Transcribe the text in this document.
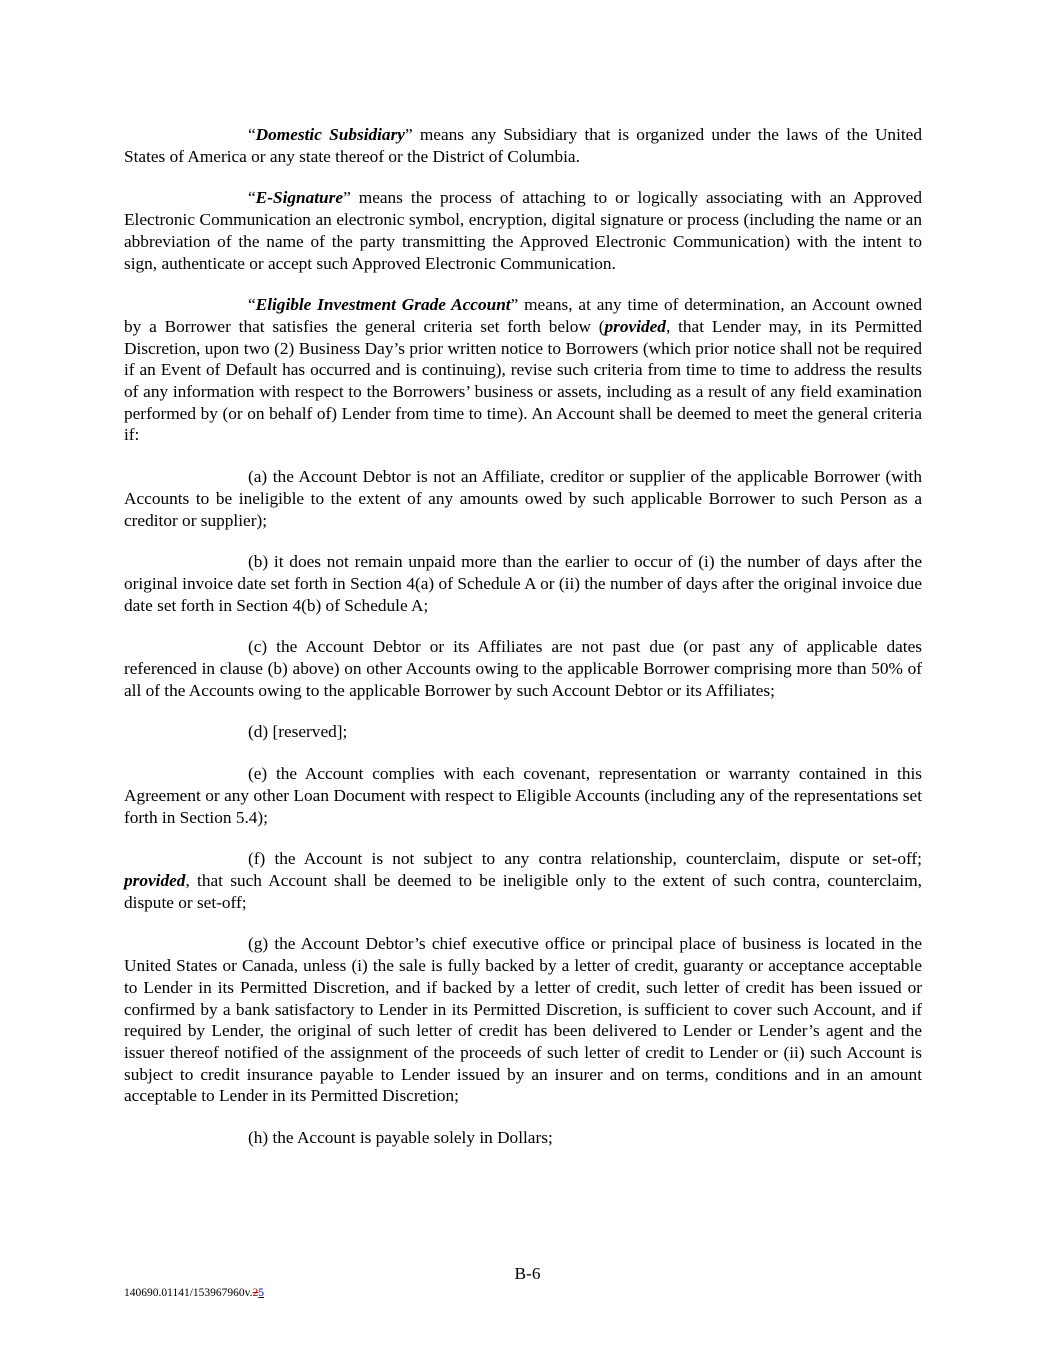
“Domestic Subsidiary” means any Subsidiary that is organized under the laws of the United States of America or any state thereof or the District of Columbia.

“E-Signature” means the process of attaching to or logically associating with an Approved Electronic Communication an electronic symbol, encryption, digital signature or process (including the name or an abbreviation of the name of the party transmitting the Approved Electronic Communication) with the intent to sign, authenticate or accept such Approved Electronic Communication.

“Eligible Investment Grade Account” means, at any time of determination, an Account owned by a Borrower that satisfies the general criteria set forth below (provided, that Lender may, in its Permitted Discretion, upon two (2) Business Day’s prior written notice to Borrowers (which prior notice shall not be required if an Event of Default has occurred and is continuing), revise such criteria from time to time to address the results of any information with respect to the Borrowers’ business or assets, including as a result of any field examination performed by (or on behalf of) Lender from time to time). An Account shall be deemed to meet the general criteria if:

(a) the Account Debtor is not an Affiliate, creditor or supplier of the applicable Borrower (with Accounts to be ineligible to the extent of any amounts owed by such applicable Borrower to such Person as a creditor or supplier);

(b) it does not remain unpaid more than the earlier to occur of (i) the number of days after the original invoice date set forth in Section 4(a) of Schedule A or (ii) the number of days after the original invoice due date set forth in Section 4(b) of Schedule A;

(c) the Account Debtor or its Affiliates are not past due (or past any of applicable dates referenced in clause (b) above) on other Accounts owing to the applicable Borrower comprising more than 50% of all of the Accounts owing to the applicable Borrower by such Account Debtor or its Affiliates;

(d) [reserved];

(e) the Account complies with each covenant, representation or warranty contained in this Agreement or any other Loan Document with respect to Eligible Accounts (including any of the representations set forth in Section 5.4);

(f) the Account is not subject to any contra relationship, counterclaim, dispute or set-off; provided, that such Account shall be deemed to be ineligible only to the extent of such contra, counterclaim, dispute or set-off;

(g) the Account Debtor’s chief executive office or principal place of business is located in the United States or Canada, unless (i) the sale is fully backed by a letter of credit, guaranty or acceptance acceptable to Lender in its Permitted Discretion, and if backed by a letter of credit, such letter of credit has been issued or confirmed by a bank satisfactory to Lender in its Permitted Discretion, is sufficient to cover such Account, and if required by Lender, the original of such letter of credit has been delivered to Lender or Lender’s agent and the issuer thereof notified of the assignment of the proceeds of such letter of credit to Lender or (ii) such Account is subject to credit insurance payable to Lender issued by an insurer and on terms, conditions and in an amount acceptable to Lender in its Permitted Discretion;

(h) the Account is payable solely in Dollars;

B-6
140690.01141/153967960v.25
